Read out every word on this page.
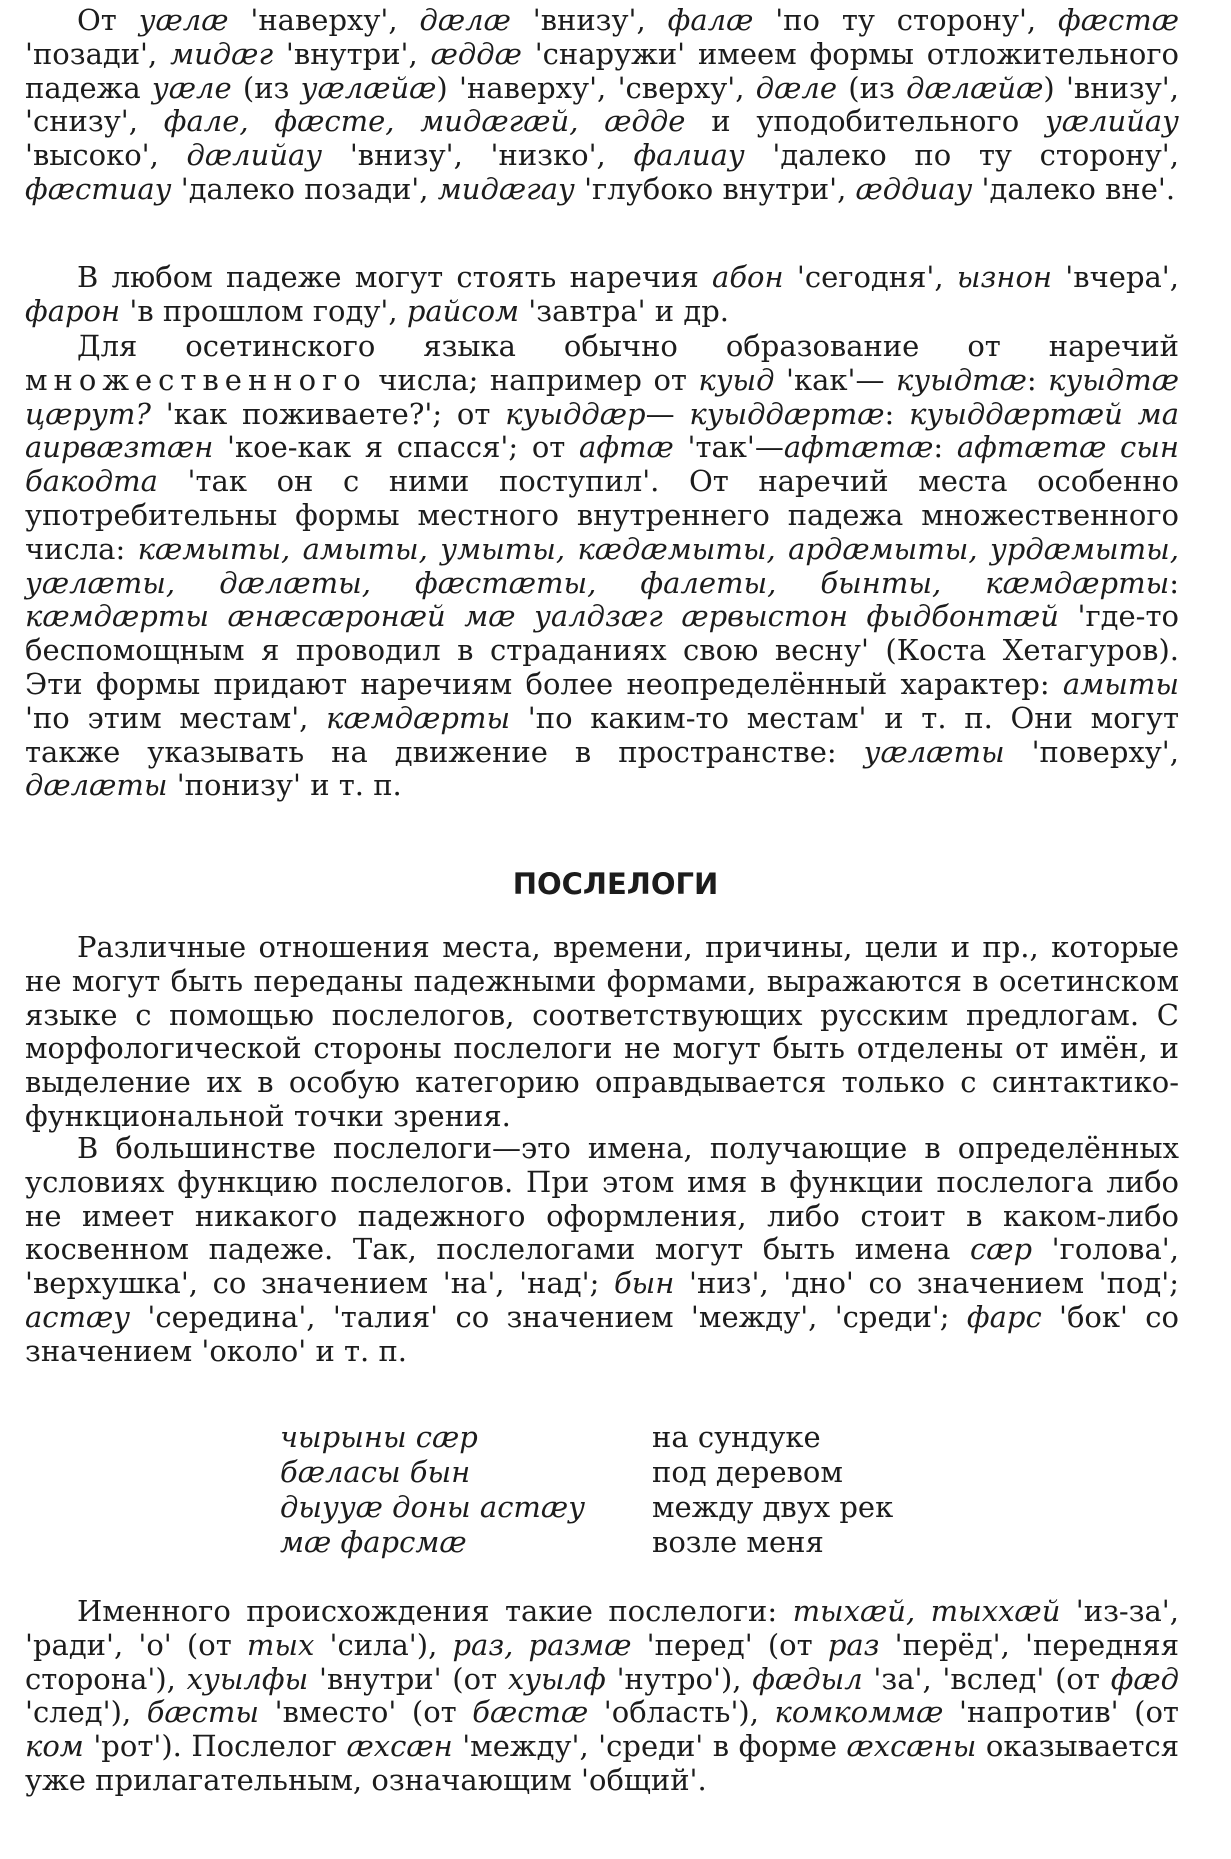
От уæлæ 'наверху', дæлæ 'внизу', фалæ 'по ту сторону', фæстæ 'позади', мидæг 'внутри', æддæ 'снаружи' имеем формы отложительного падежа уæле (из уæлæйæ) 'наверху', 'сверху', дæле (из дæлæйæ) 'внизу', 'снизу', фале, фæсте, мидæгæй, æдде и уподобительного уæлийау 'высоко', дæлийау 'внизу', 'низко', фалиау 'далеко по ту сторону', фæстиау 'далеко позади', мидæгау 'глубоко внутри', æддиау 'далеко вне'.

В любом падеже могут стоять наречия абон 'сегодня', ызнон 'вчера', фарон 'в прошлом году', райсом 'завтра' и др.

Для осетинского языка обычно образование от наречий множественного числа; например от куыд 'как'— куыдтæ: куыдтæ цæрут? 'как поживаете?'; от куыддæр— куыддæртæ: куыддæртæй ма аирвæзтæн 'кое-как я спасся'; от афтæ 'так'—афтæтæ: афтæтæ сын бакодта 'так он с ними поступил'. От наречий места особенно употребительны формы местного внутреннего падежа множественного числа: кæмыты, амыты, умыты, кæдæмыты, ардæмыты, урдæмыты, уæлæты, дæлæты, фæстæты, фалеты, бынты, кæмдæрты: кæмдæрты æнæсæронæй мæ уалдзæг æрвыстон фыдбонтæй 'где-то беспомощным я проводил в страданиях свою весну' (Коста Хетагуров). Эти формы придают наречиям более неопределённый характер: амыты 'по этим местам', кæмдæрты 'по каким-то местам' и т. п. Они могут также указывать на движение в пространстве: уæлæты 'поверху', дæлæты 'понизу' и т. п.

ПОСЛЕЛОГИ

Различные отношения места, времени, причины, цели и пр., которые не могут быть переданы падежными формами, выражаются в осетинском языке с помощью послелогов, соответствующих русским предлогам. С морфологической стороны послелоги не могут быть отделены от имён, и выделение их в особую категорию оправдывается только с синтактико-функциональной точки зрения.

В большинстве послелоги—это имена, получающие в определённых условиях функцию послелогов. При этом имя в функции послелога либо не имеет никакого падежного оформления, либо стоит в каком-либо косвенном падеже. Так, послелогами могут быть имена сæр 'голова', 'верхушка', со значением 'на', 'над'; бын 'низ', 'дно' со значением 'под'; астæу 'середина', 'талия' со значением 'между', 'среди'; фарс 'бок' со значением 'около' и т. п.

чырыны сæр	на сундуке
бæласы бын	под деревом
дыууæ доны астæу	между двух рек
мæ фарсмæ	возле меня

Именного происхождения такие послелоги: тыхæй, тыххæй 'из-за', 'ради', 'о' (от тых 'сила'), раз, размæ 'перед' (от раз 'перёд', 'передняя сторона'), хуылфы 'внутри' (от хуылф 'нутро'), фæдыл 'за', 'вслед' (от фæд 'след'), бæсты 'вместо' (от бæстæ 'область'), комкоммæ 'напротив' (от ком 'рот'). Послелог æхсæн 'между', 'среди' в форме æхсæны оказывается уже прилагательным, означающим 'общий'.
